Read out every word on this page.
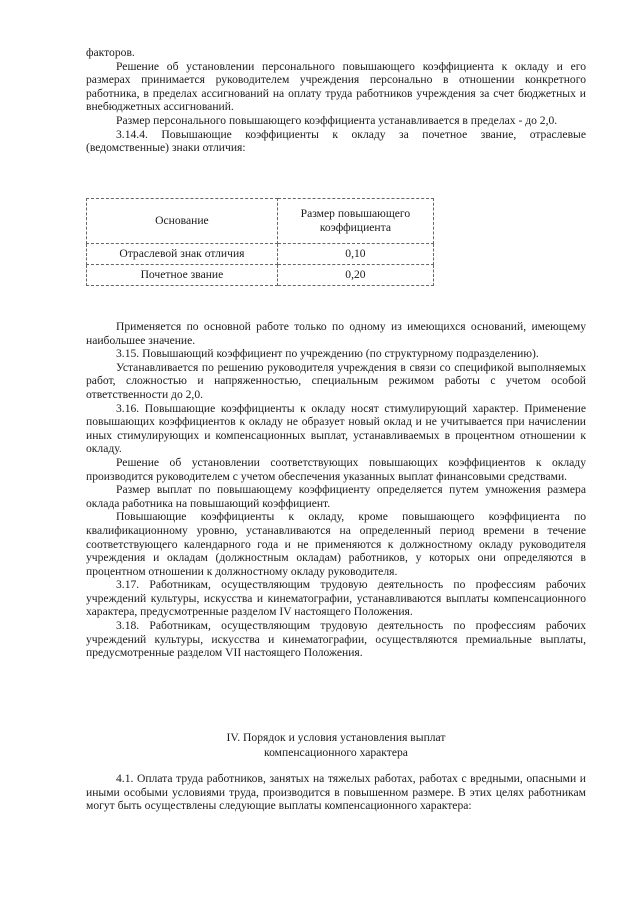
факторов.

Решение об установлении персонального повышающего коэффициента к окладу и его размерах принимается руководителем учреждения персонально в отношении конкретного работника, в пределах ассигнований на оплату труда работников учреждения за счет бюджетных и внебюджетных ассигнований.

Размер персонального повышающего коэффициента устанавливается в пределах - до 2,0.

3.14.4. Повышающие коэффициенты к окладу за почетное звание, отраслевые (ведомственные) знаки отличия:

Основание	Размер повышающего коэффициента
Отраслевой знак отличия	0,10
Почетное звание	0,20

Применяется по основной работе только по одному из имеющихся оснований, имеющему наибольшее значение.

3.15. Повышающий коэффициент по учреждению (по структурному подразделению).

Устанавливается по решению руководителя учреждения в связи со спецификой выполняемых работ, сложностью и напряженностью, специальным режимом работы с учетом особой ответственности до 2,0.

3.16. Повышающие коэффициенты к окладу носят стимулирующий характер. Применение повышающих коэффициентов к окладу не образует новый оклад и не учитывается при начислении иных стимулирующих и компенсационных выплат, устанавливаемых в процентном отношении к окладу.

Решение об установлении соответствующих повышающих коэффициентов к окладу производится руководителем с учетом обеспечения указанных выплат финансовыми средствами.

Размер выплат по повышающему коэффициенту определяется путем умножения размера оклада работника на повышающий коэффициент.

Повышающие коэффициенты к окладу, кроме повышающего коэффициента по квалификационному уровню, устанавливаются на определенный период времени в течение соответствующего календарного года и не применяются к должностному окладу руководителя учреждения и окладам (должностным окладам) работников, у которых они определяются в процентном отношении к должностному окладу руководителя.

3.17. Работникам, осуществляющим трудовую деятельность по профессиям рабочих учреждений культуры, искусства и кинематографии, устанавливаются выплаты компенсационного характера, предусмотренные разделом IV настоящего Положения.

3.18. Работникам, осуществляющим трудовую деятельность по профессиям рабочих учреждений культуры, искусства и кинематографии, осуществляются премиальные выплаты, предусмотренные разделом VII настоящего Положения.

IV. Порядок и условия установления выплат
компенсационного характера

4.1. Оплата труда работников, занятых на тяжелых работах, работах с вредными, опасными и иными особыми условиями труда, производится в повышенном размере. В этих целях работникам могут быть осуществлены следующие выплаты компенсационного характера:
